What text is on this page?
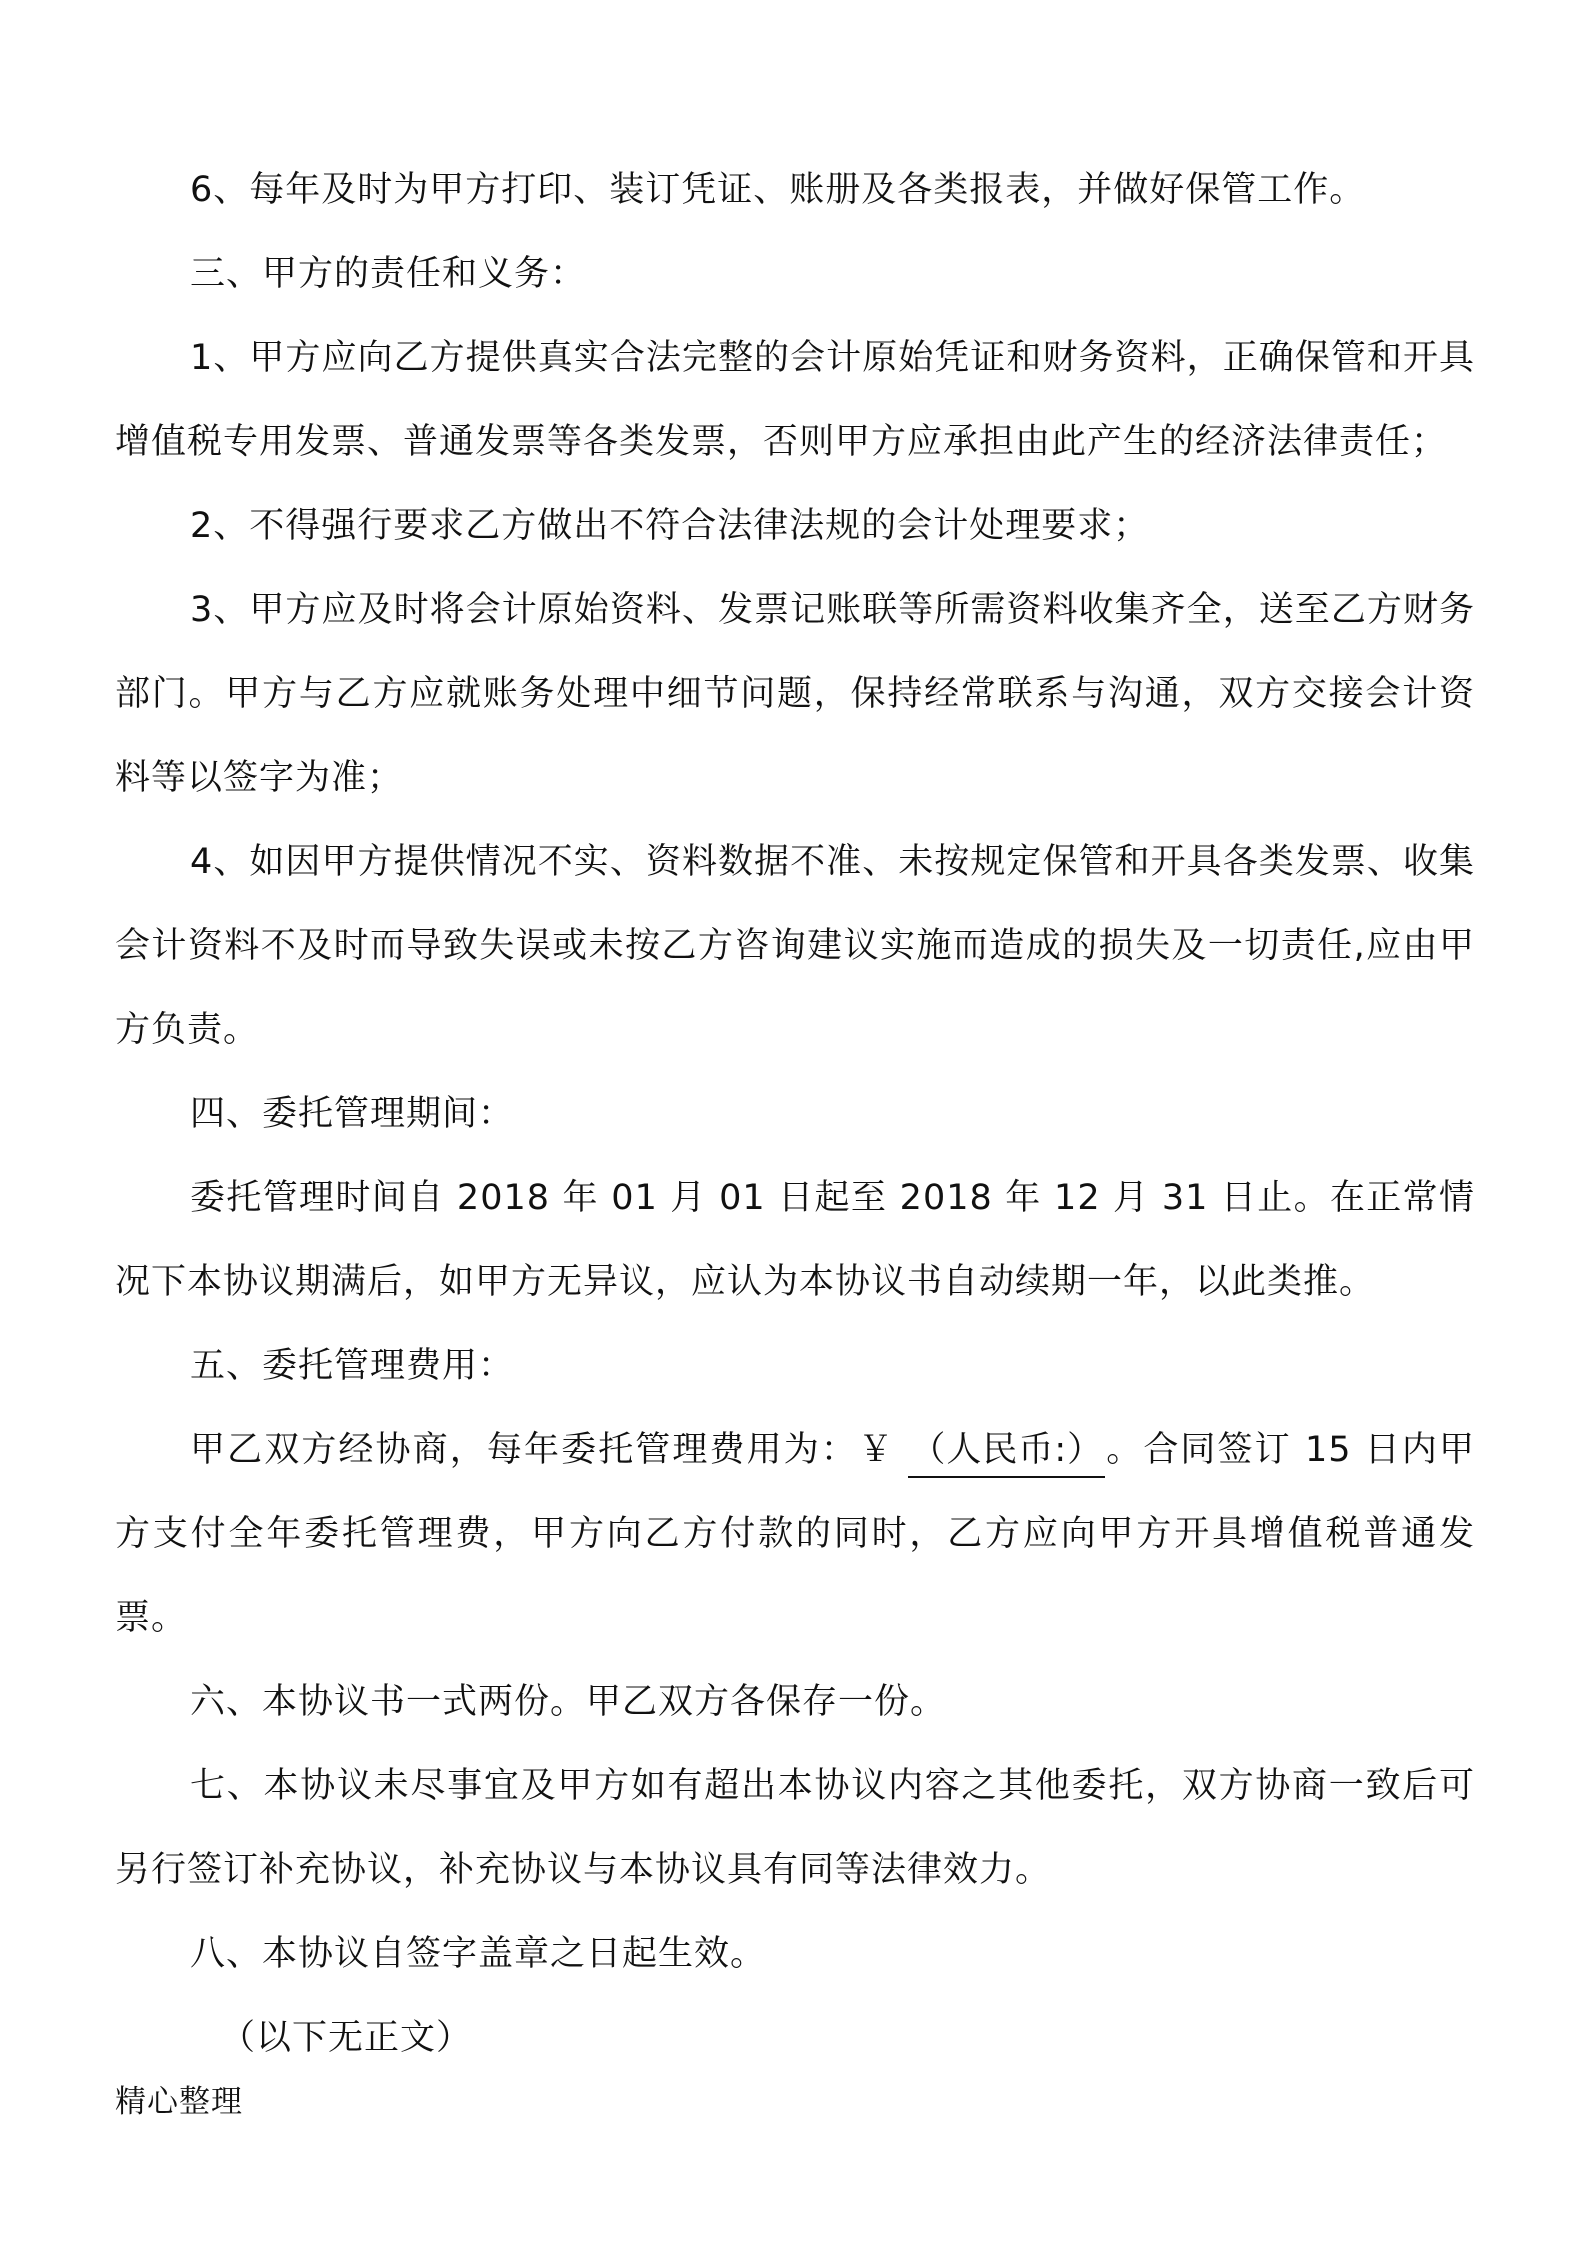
6、每年及时为甲方打印、装订凭证、账册及各类报表，并做好保管工作。

三、甲方的责任和义务：

1、甲方应向乙方提供真实合法完整的会计原始凭证和财务资料，正确保管和开具增值税专用发票、普通发票等各类发票，否则甲方应承担由此产生的经济法律责任；

2、不得强行要求乙方做出不符合法律法规的会计处理要求；

3、甲方应及时将会计原始资料、发票记账联等所需资料收集齐全，送至乙方财务部门。甲方与乙方应就账务处理中细节问题，保持经常联系与沟通，双方交接会计资料等以签字为准；

4、如因甲方提供情况不实、资料数据不准、未按规定保管和开具各类发票、收集会计资料不及时而导致失误或未按乙方咨询建议实施而造成的损失及一切责任,应由甲方负责。

四、委托管理期间：

委托管理时间自 2018 年 01 月 01 日起至 2018 年 12 月 31 日止。在正常情况下本协议期满后，如甲方无异议，应认为本协议书自动续期一年，以此类推。

五、委托管理费用：

甲乙双方经协商，每年委托管理费用为：￥ （人民币:）。合同签订 15 日内甲方支付全年委托管理费，甲方向乙方付款的同时，乙方应向甲方开具增值税普通发票。

六、本协议书一式两份。甲乙双方各保存一份。

七、本协议未尽事宜及甲方如有超出本协议内容之其他委托，双方协商一致后可另行签订补充协议，补充协议与本协议具有同等法律效力。

八、本协议自签字盖章之日起生效。

（以下无正文）

精心整理
